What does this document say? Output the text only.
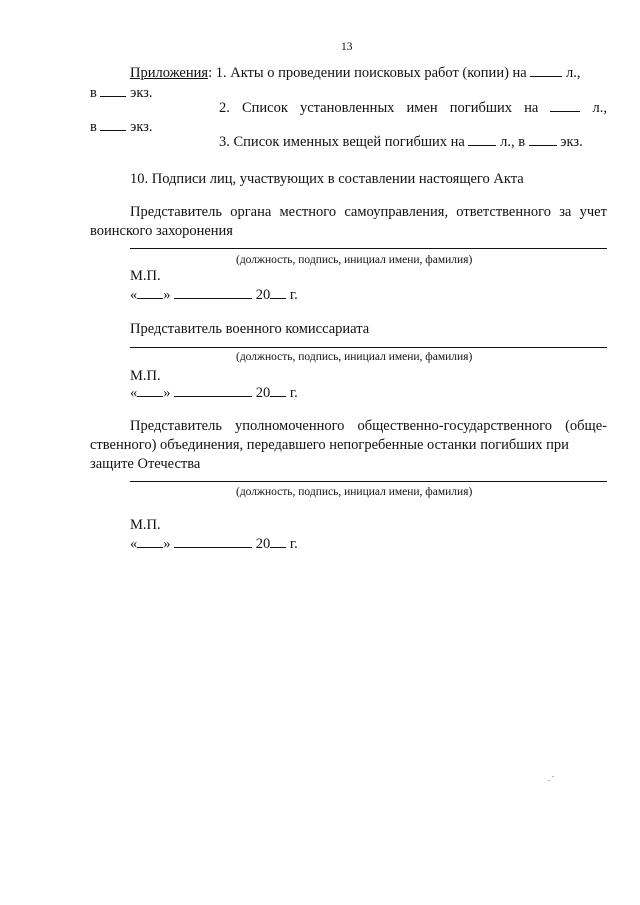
13
Приложения: 1. Акты о проведении поисковых работ (копии) на	л.,
в экз.
2. Список установленных имен погибших на	л.,
в экз.
3. Список именных вещей погибших на л., в экз.
10. Подписи лиц, участвующих в составлении настоящего Акта
Представитель органа местного самоуправления, ответственного за учет
воинского захоронения
(должность, подпись, инициал имени, фамилия)
М.П.
« »	20 г.
Представитель военного комиссариата
(должность, подпись, инициал имени, фамилия)
М.П.
« »	20 г.
Представитель уполномоченного общественно-государственного (обще-
ственного) объединения, передавшего непогребенные останки погибших при
защите Отечества
(должность, подпись, инициал имени, фамилия)
М.П.
« »	20 г.
